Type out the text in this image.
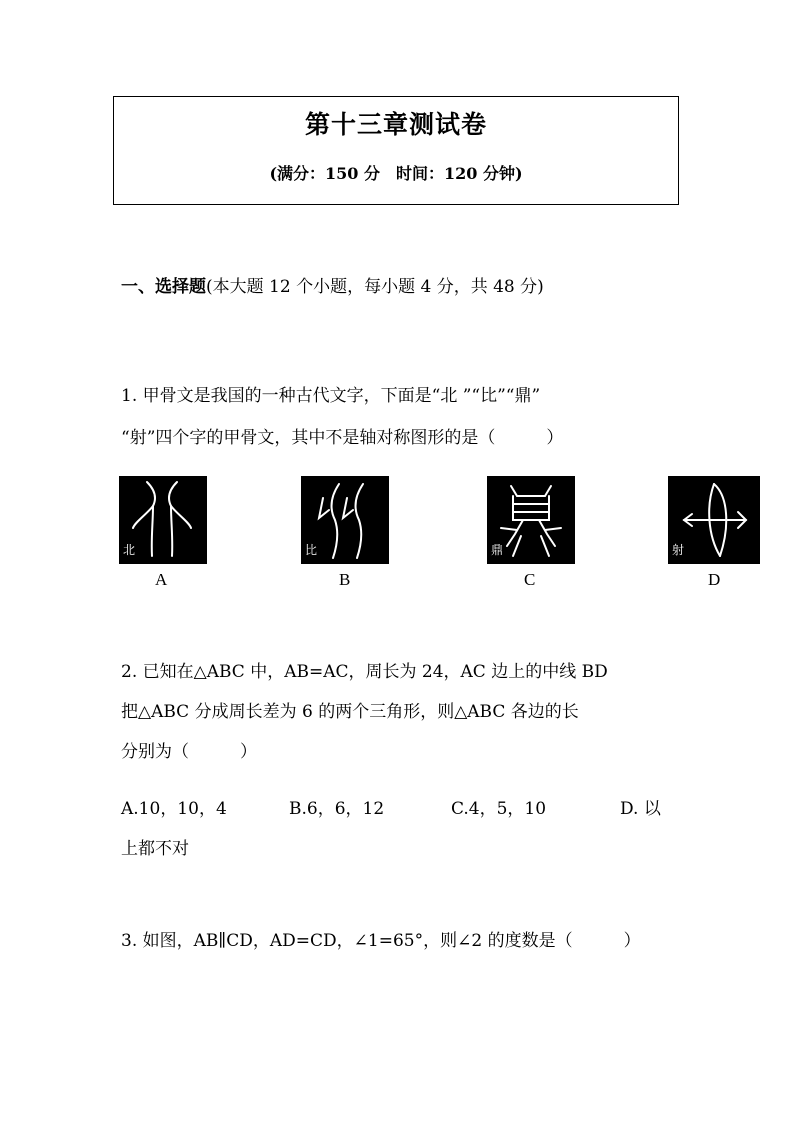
第十三章测试卷
(满分：150 分　时间：120 分钟)
一、选择题(本大题 12 个小题，每小题 4 分，共 48 分)
1. 甲骨文是我国的一种古代文字，下面是“北 ”“比”“鼎”
“射”四个字的甲骨文，其中不是轴对称图形的是（　　　）
北	比	鼎	射
A	B	C	D
2. 已知在△ABC 中，AB=AC，周长为 24，AC 边上的中线 BD
把△ABC 分成周长差为 6 的两个三角形，则△ABC 各边的长
分别为（　　　）
A.10，10，4	B.6，6，12	C.4，5，10	D. 以
上都不对
3. 如图，AB∥CD，AD=CD，∠1=65°，则∠2 的度数是（　　　）
